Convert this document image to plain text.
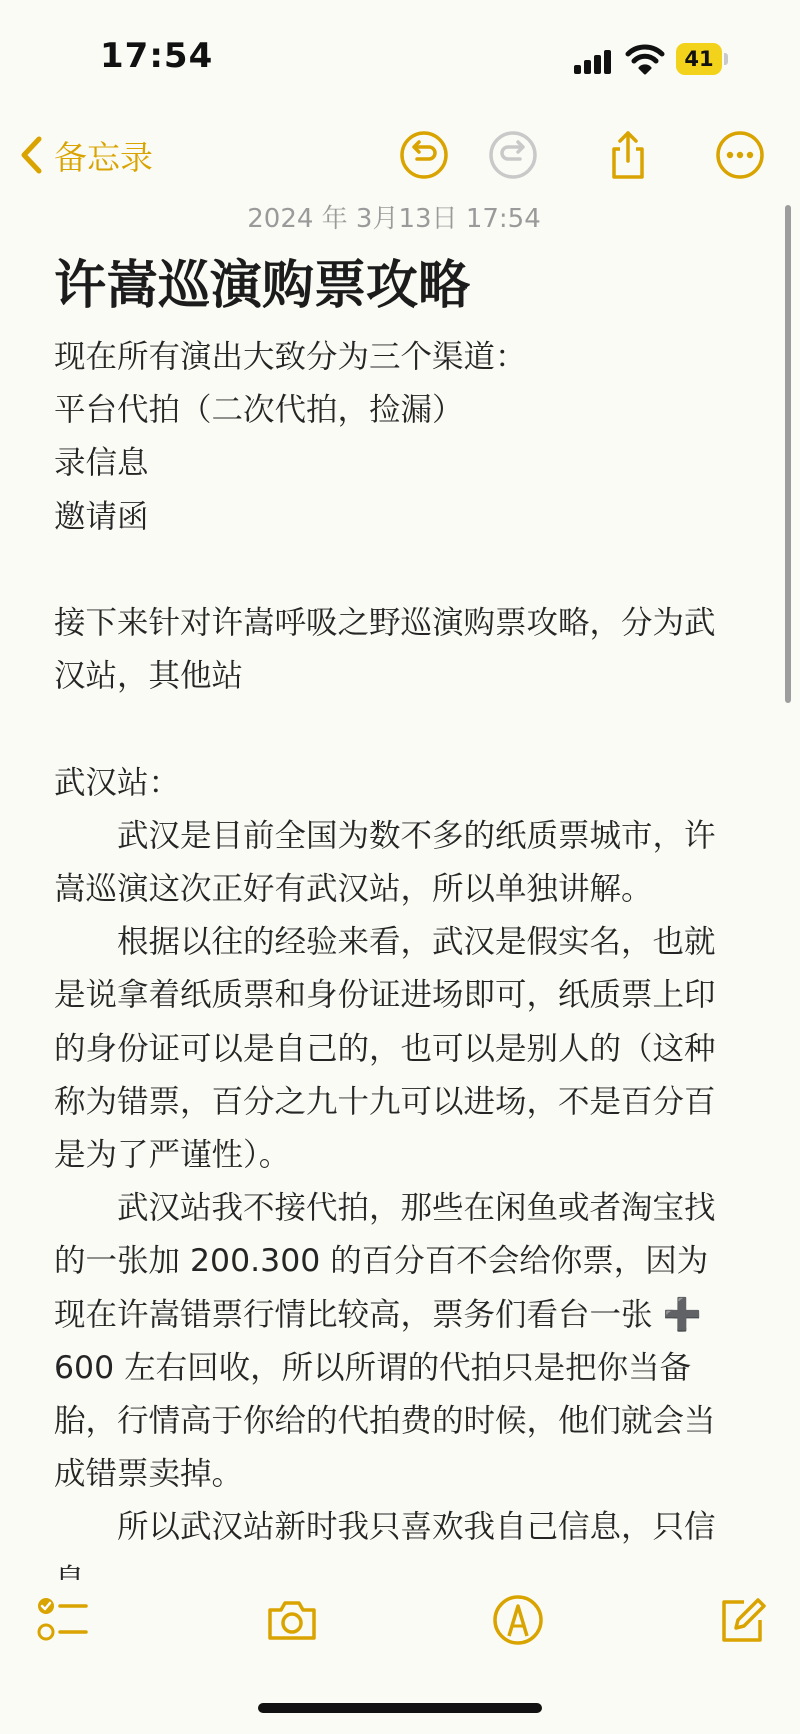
17:54	41
备忘录
2024 年 3月13日 17:54
许嵩巡演购票攻略

现在所有演出大致分为三个渠道：

平台代拍（二次代拍，捡漏）

录信息

邀请函

接下来针对许嵩呼吸之野巡演购票攻略，分为武汉站，其他站

武汉站：

武汉是目前全国为数不多的纸质票城市，许嵩巡演这次正好有武汉站，所以单独讲解。

根据以往的经验来看，武汉是假实名，也就是说拿着纸质票和身份证进场即可，纸质票上印的身份证可以是自己的，也可以是别人的（这种称为错票，百分之九十九可以进场，不是百分百是为了严谨性）。

武汉站我不接代拍，那些在闲鱼或者淘宝找的一张加 200.300 的百分百不会给你票，因为现在许嵩错票行情比较高，票务们看台一张 ➕ 600 左右回收，所以所谓的代拍只是把你当备胎，行情高于你给的代拍费的时候，他们就会当成错票卖掉。

所以武汉站新时我只喜欢我自己信息，只信
